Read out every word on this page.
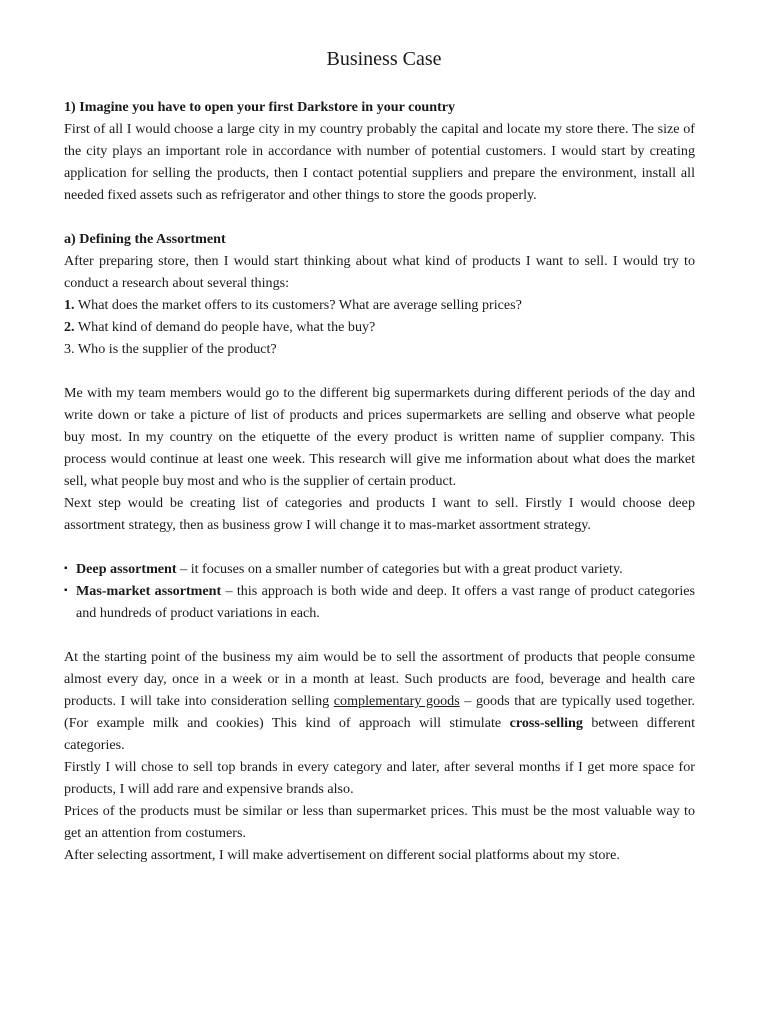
Business Case

1) Imagine you have to open your first Darkstore in your country

First of all I would choose a large city in my country probably the capital and locate my store there. The size of the city plays an important role in accordance with number of potential customers. I would start by creating application for selling the products, then I contact potential suppliers and prepare the environment, install all needed fixed assets such as refrigerator and other things to store the goods properly.

a) Defining the Assortment

After preparing store, then I would start thinking about what kind of products I want to sell. I would try to conduct a research about several things:

1. What does the market offers to its customers? What are average selling prices?
2. What kind of demand do people have, what the buy?
3. Who is the supplier of the product?

Me with my team members would go to the different big supermarkets during different periods of the day and write down or take a picture of list of products and prices supermarkets are selling and observe what people buy most. In my country on the etiquette of the every product is written name of supplier company. This process would continue at least one week. This research will give me information about what does the market sell, what people buy most and who is the supplier of certain product.

Next step would be creating list of categories and products I want to sell. Firstly I would choose deep assortment strategy, then as business grow I will change it to mas-market assortment strategy.

▪ Deep assortment – it focuses on a smaller number of categories but with a great product variety.
▪ Mas-market assortment – this approach is both wide and deep. It offers a vast range of product categories and hundreds of product variations in each.

At the starting point of the business my aim would be to sell the assortment of products that people consume almost every day, once in a week or in a month at least. Such products are food, beverage and health care products. I will take into consideration selling complementary goods – goods that are typically used together. (For example milk and cookies) This kind of approach will stimulate cross-selling between different categories.

Firstly I will chose to sell top brands in every category and later, after several months if I get more space for products, I will add rare and expensive brands also.

Prices of the products must be similar or less than supermarket prices. This must be the most valuable way to get an attention from costumers.

After selecting assortment, I will make advertisement on different social platforms about my store.
